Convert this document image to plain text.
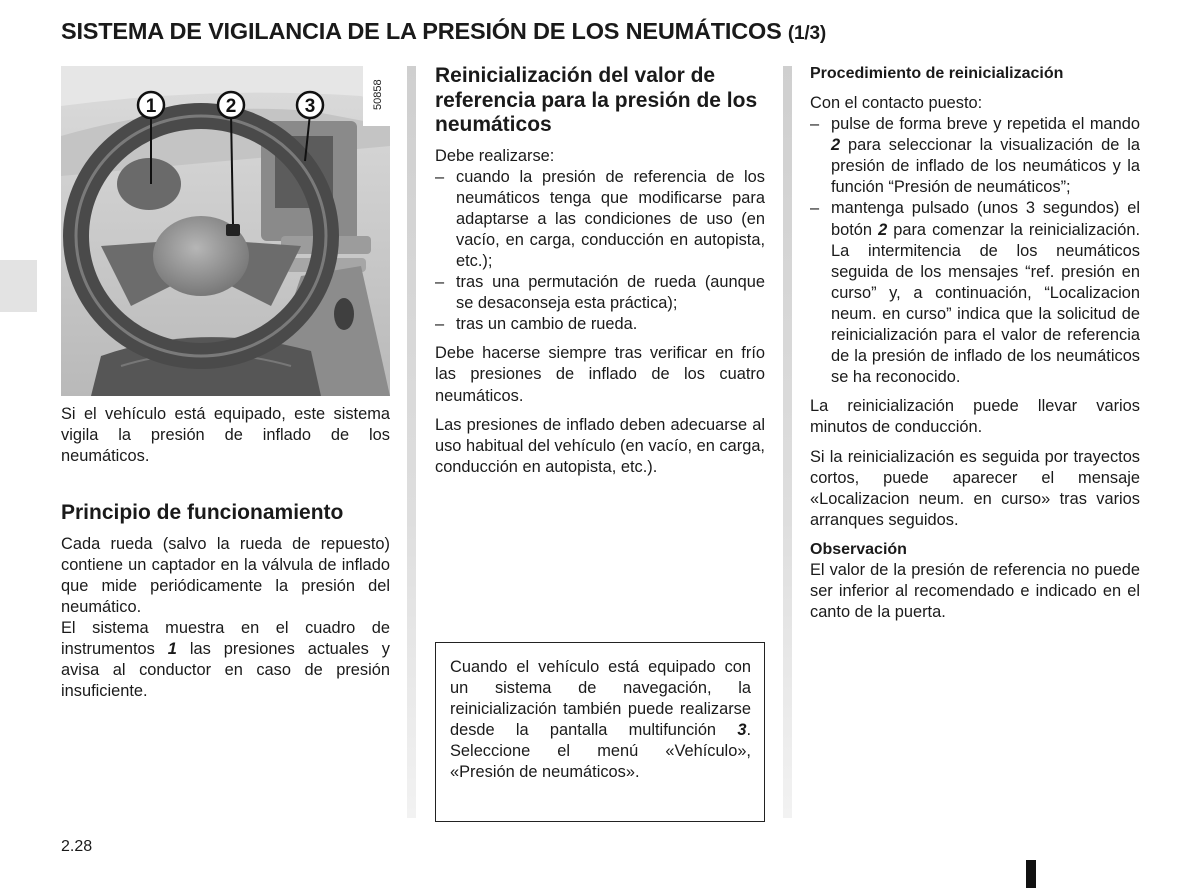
SISTEMA DE VIGILANCIA DE LA PRESIÓN DE LOS NEUMÁTICOS (1/3)
1	2	3	50858

Si el vehículo está equipado, este sistema vigila la presión de inflado de los neumáticos.

Principio de funcionamiento

Cada rueda (salvo la rueda de repuesto) contiene un captador en la válvula de inflado que mide periódicamente la presión del neumático.

El sistema muestra en el cuadro de instrumentos 1 las presiones actuales y avisa al conductor en caso de presión insuficiente.

Reinicialización del valor de referencia para la presión de los neumáticos

Debe realizarse:

– cuando la presión de referencia de los neumáticos tenga que modificarse para adaptarse a las condiciones de uso (en vacío, en carga, conducción en autopista, etc.);
– tras una permutación de rueda (aunque se desaconseja esta práctica);
– tras un cambio de rueda.

Debe hacerse siempre tras verificar en frío las presiones de inflado de los cuatro neumáticos.

Las presiones de inflado deben adecuarse al uso habitual del vehículo (en vacío, en carga, conducción en autopista, etc.).

Cuando el vehículo está equipado con un sistema de navegación, la reinicialización también puede realizarse desde la pantalla multifunción 3. Seleccione el menú «Vehículo», «Presión de neumáticos».
Procedimiento de reinicialización

Con el contacto puesto:

– pulse de forma breve y repetida el mando 2 para seleccionar la visualización de la presión de inflado de los neumáticos y la función “Presión de neumáticos”;
– mantenga pulsado (unos 3 segundos) el botón 2 para comenzar la reinicialización. La intermitencia de los neumáticos seguida de los mensajes “ref. presión en curso” y, a continuación, “Localizacion neum. en curso” indica que la solicitud de reinicialización para el valor de referencia de la presión de inflado de los neumáticos se ha reconocido.

La reinicialización puede llevar varios minutos de conducción.

Si la reinicialización es seguida por trayectos cortos, puede aparecer el mensaje «Localizacion neum. en curso» tras varios arranques seguidos.

Observación

El valor de la presión de referencia no puede ser inferior al recomendado e indicado en el canto de la puerta.

2.28
